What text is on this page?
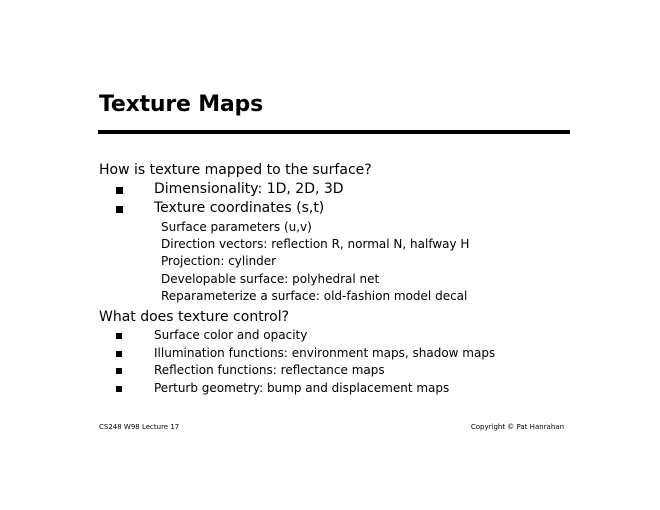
Texture Maps
How is texture mapped to the surface?
Dimensionality: 1D, 2D, 3D
Texture coordinates (s,t)
Surface parameters (u,v)
Direction vectors: reflection R, normal N, halfway H
Projection: cylinder
Developable surface: polyhedral net
Reparameterize a surface: old-fashion model decal
What does texture control?
Surface color and opacity
Illumination functions: environment maps, shadow maps
Reflection functions: reflectance maps
Perturb geometry: bump and displacement maps
CS248 W98 Lecture 17	Copyright © Pat Hanrahan
